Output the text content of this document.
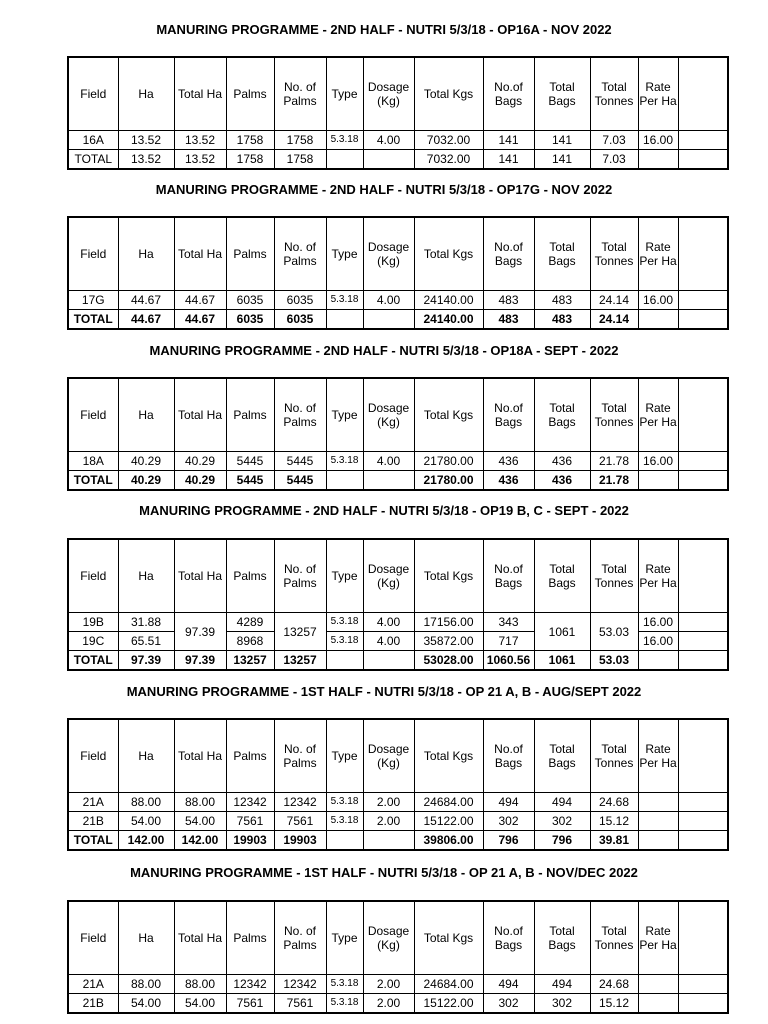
MANURING PROGRAMME - 2ND HALF - NUTRI 5/3/18 - OP16A - NOV 2022
Field	Ha	Total Ha	Palms	No. of Palms	Type	Dosage (Kg)	Total Kgs	No.of Bags	Total Bags	Total Tonnes	Rate Per Ha	
16A	13.52	13.52	1758	1758	5.3.18	4.00	7032.00	141	141	7.03	16.00	
TOTAL	13.52	13.52	1758	1758			7032.00	141	141	7.03		
MANURING PROGRAMME - 2ND HALF - NUTRI 5/3/18 - OP17G - NOV 2022
Field	Ha	Total Ha	Palms	No. of Palms	Type	Dosage (Kg)	Total Kgs	No.of Bags	Total Bags	Total Tonnes	Rate Per Ha	
17G	44.67	44.67	6035	6035	5.3.18	4.00	24140.00	483	483	24.14	16.00	
TOTAL	44.67	44.67	6035	6035			24140.00	483	483	24.14		
MANURING PROGRAMME - 2ND HALF - NUTRI 5/3/18 - OP18A - SEPT - 2022
Field	Ha	Total Ha	Palms	No. of Palms	Type	Dosage (Kg)	Total Kgs	No.of Bags	Total Bags	Total Tonnes	Rate Per Ha	
18A	40.29	40.29	5445	5445	5.3.18	4.00	21780.00	436	436	21.78	16.00	
TOTAL	40.29	40.29	5445	5445			21780.00	436	436	21.78		
MANURING PROGRAMME - 2ND HALF - NUTRI 5/3/18 - OP19 B, C - SEPT - 2022
Field	Ha	Total Ha	Palms	No. of Palms	Type	Dosage (Kg)	Total Kgs	No.of Bags	Total Bags	Total Tonnes	Rate Per Ha	
19B	31.88	97.39	4289	13257	5.3.18	4.00	17156.00	343	1061	53.03	16.00	
19C	65.51		8968		5.3.18	4.00	35872.00	717			16.00	
TOTAL	97.39	97.39	13257	13257			53028.00	1060.56	1061	53.03		
MANURING PROGRAMME - 1ST HALF - NUTRI 5/3/18 - OP 21 A, B - AUG/SEPT 2022
Field	Ha	Total Ha	Palms	No. of Palms	Type	Dosage (Kg)	Total Kgs	No.of Bags	Total Bags	Total Tonnes	Rate Per Ha	
21A	88.00	88.00	12342	12342	5.3.18	2.00	24684.00	494	494	24.68		
21B	54.00	54.00	7561	7561	5.3.18	2.00	15122.00	302	302	15.12		
TOTAL	142.00	142.00	19903	19903			39806.00	796	796	39.81		
MANURING PROGRAMME - 1ST HALF - NUTRI 5/3/18 - OP 21 A, B - NOV/DEC 2022
Field	Ha	Total Ha	Palms	No. of Palms	Type	Dosage (Kg)	Total Kgs	No.of Bags	Total Bags	Total Tonnes	Rate Per Ha	
21A	88.00	88.00	12342	12342	5.3.18	2.00	24684.00	494	494	24.68		
21B	54.00	54.00	7561	7561	5.3.18	2.00	15122.00	302	302	15.12		
